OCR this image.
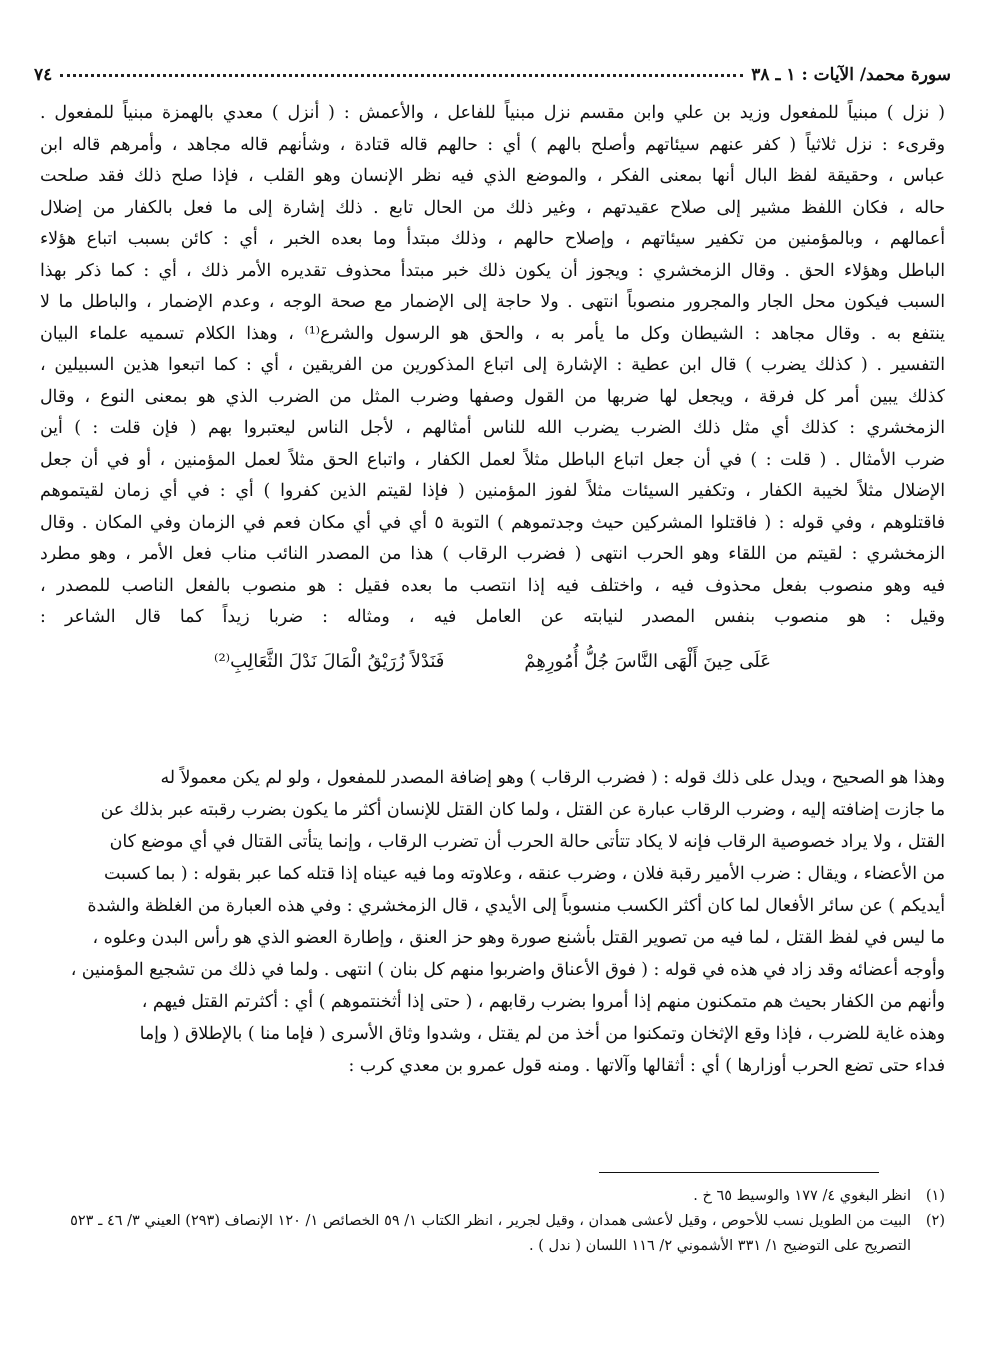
سورة محمد/ الآيات : ١ ـ ٣٨
٧٤
( نزل ) مبنياً للمفعول وزيد بن علي وابن مقسم نزل مبنياً للفاعل ، والأعمش : ( أنزل ) معدي بالهمزة مبنياً للمفعول .
وقرىء : نزل ثلاثياً ( كفر عنهم سيئاتهم وأصلح بالهم ) أي : حالهم قاله قتادة ، وشأنهم قاله مجاهد ، وأمرهم قاله ابن
عباس ، وحقيقة لفظ البال أنها بمعنى الفكر ، والموضع الذي فيه نظر الإنسان وهو القلب ، فإذا صلح ذلك فقد صلحت
حاله ، فكان اللفظ مشير إلى صلاح عقيدتهم ، وغير ذلك من الحال تابع . ذلك إشارة إلى ما فعل بالكفار من إضلال
أعمالهم ، وبالمؤمنين من تكفير سيئاتهم ، وإصلاح حالهم ، وذلك مبتدأ وما بعده الخبر ، أي : كائن بسبب اتباع هؤلاء
الباطل وهؤلاء الحق . وقال الزمخشري : ويجوز أن يكون ذلك خبر مبتدأ محذوف تقديره الأمر ذلك ، أي : كما ذكر بهذا
السبب فيكون محل الجار والمجرور منصوباً انتهى . ولا حاجة إلى الإضمار مع صحة الوجه ، وعدم الإضمار ، والباطل ما لا
ينتفع به . وقال مجاهد : الشيطان وكل ما يأمر به ، والحق هو الرسول والشرع⁽¹⁾ ، وهذا الكلام تسميه علماء البيان
التفسير . ( كذلك يضرب ) قال ابن عطية : الإشارة إلى اتباع المذكورين من الفريقين ، أي : كما اتبعوا هذين السبيلين ،
كذلك يبين أمر كل فرقة ، ويجعل لها ضربها من القول وصفها وضرب المثل من الضرب الذي هو بمعنى النوع ، وقال
الزمخشري : كذلك أي مثل ذلك الضرب يضرب الله للناس أمثالهم ، لأجل الناس ليعتبروا بهم ( فإن قلت : ) أين
ضرب الأمثال . ( قلت : ) في أن جعل اتباع الباطل مثلاً لعمل الكفار ، واتباع الحق مثلاً لعمل المؤمنين ، أو في أن جعل
الإضلال مثلاً لخيبة الكفار ، وتكفير السيئات مثلاً لفوز المؤمنين ( فإذا لقيتم الذين كفروا ) أي : في أي زمان لقيتموهم
فاقتلوهم ، وفي قوله : ( فاقتلوا المشركين حيث وجدتموهم ) التوبة ٥ أي في أي مكان فعم في الزمان وفي المكان . وقال
الزمخشري : لقيتم من اللقاء وهو الحرب انتهى ( فضرب الرقاب ) هذا من المصدر النائب مناب فعل الأمر ، وهو مطرد
فيه وهو منصوب بفعل محذوف فيه ، واختلف فيه إذا انتصب ما بعده فقيل : هو منصوب بالفعل الناصب للمصدر ،
وقيل : هو منصوب بنفس المصدر لنيابته عن العامل فيه ، ومثاله : ضربا زيداً كما قال الشاعر :
عَلَى حِينَ أَلْهَى النَّاسَ جُلُّ أُمُورِهِمْ
فَنَدْلاً زُرَيْقُ الْمَالَ نَدْلَ الثَّعَالِبِ⁽²⁾
وهذا هو الصحيح ، ويدل على ذلك قوله : ( فضرب الرقاب ) وهو إضافة المصدر للمفعول ، ولو لم يكن معمولاً له
ما جازت إضافته إليه ، وضرب الرقاب عبارة عن القتل ، ولما كان القتل للإنسان أكثر ما يكون بضرب رقبته عبر بذلك عن
القتل ، ولا يراد خصوصية الرقاب فإنه لا يكاد تتأتى حالة الحرب أن تضرب الرقاب ، وإنما يتأتى القتال في أي موضع كان
من الأعضاء ، ويقال : ضرب الأمير رقبة فلان ، وضرب عنقه ، وعلاوته وما فيه عيناه إذا قتله كما عبر بقوله : ( بما كسبت
أيديكم ) عن سائر الأفعال لما كان أكثر الكسب منسوباً إلى الأيدي ، قال الزمخشري : وفي هذه العبارة من الغلظة والشدة
ما ليس في لفظ القتل ، لما فيه من تصوير القتل بأشنع صورة وهو حز العنق ، وإطارة العضو الذي هو رأس البدن وعلوه ،
وأوجه أعضائه وقد زاد في هذه في قوله : ( فوق الأعناق واضربوا منهم كل بنان ) انتهى . ولما في ذلك من تشجيع المؤمنين ،
وأنهم من الكفار بحيث هم متمكنون منهم إذا أمروا بضرب رقابهم ، ( حتى إذا أثخنتموهم ) أي : أكثرتم القتل فيهم ،
وهذه غاية للضرب ، فإذا وقع الإثخان وتمكنوا من أخذ من لم يقتل ، وشدوا وثاق الأسرى ( فإما منا ) بالإطلاق ( وإما
فداء حتى تضع الحرب أوزارها ) أي : أثقالها وآلاتها . ومنه قول عمرو بن معدي كرب :
(١)
انظر البغوي ٤/ ١٧٧ والوسيط ٦٥ خ .
(٢)
البيت من الطويل نسب للأحوص ، وقيل لأعشى همدان ، وقيل لجرير ، انظر الكتاب ١/ ٥٩ الخصائص ١/ ١٢٠ الإنصاف (٢٩٣) العيني ٣/ ٤٦ ـ ٥٢٣ التصريح على التوضيح ١/ ٣٣١ الأشموني ٢/ ١١٦ اللسان ( ندل ) .
